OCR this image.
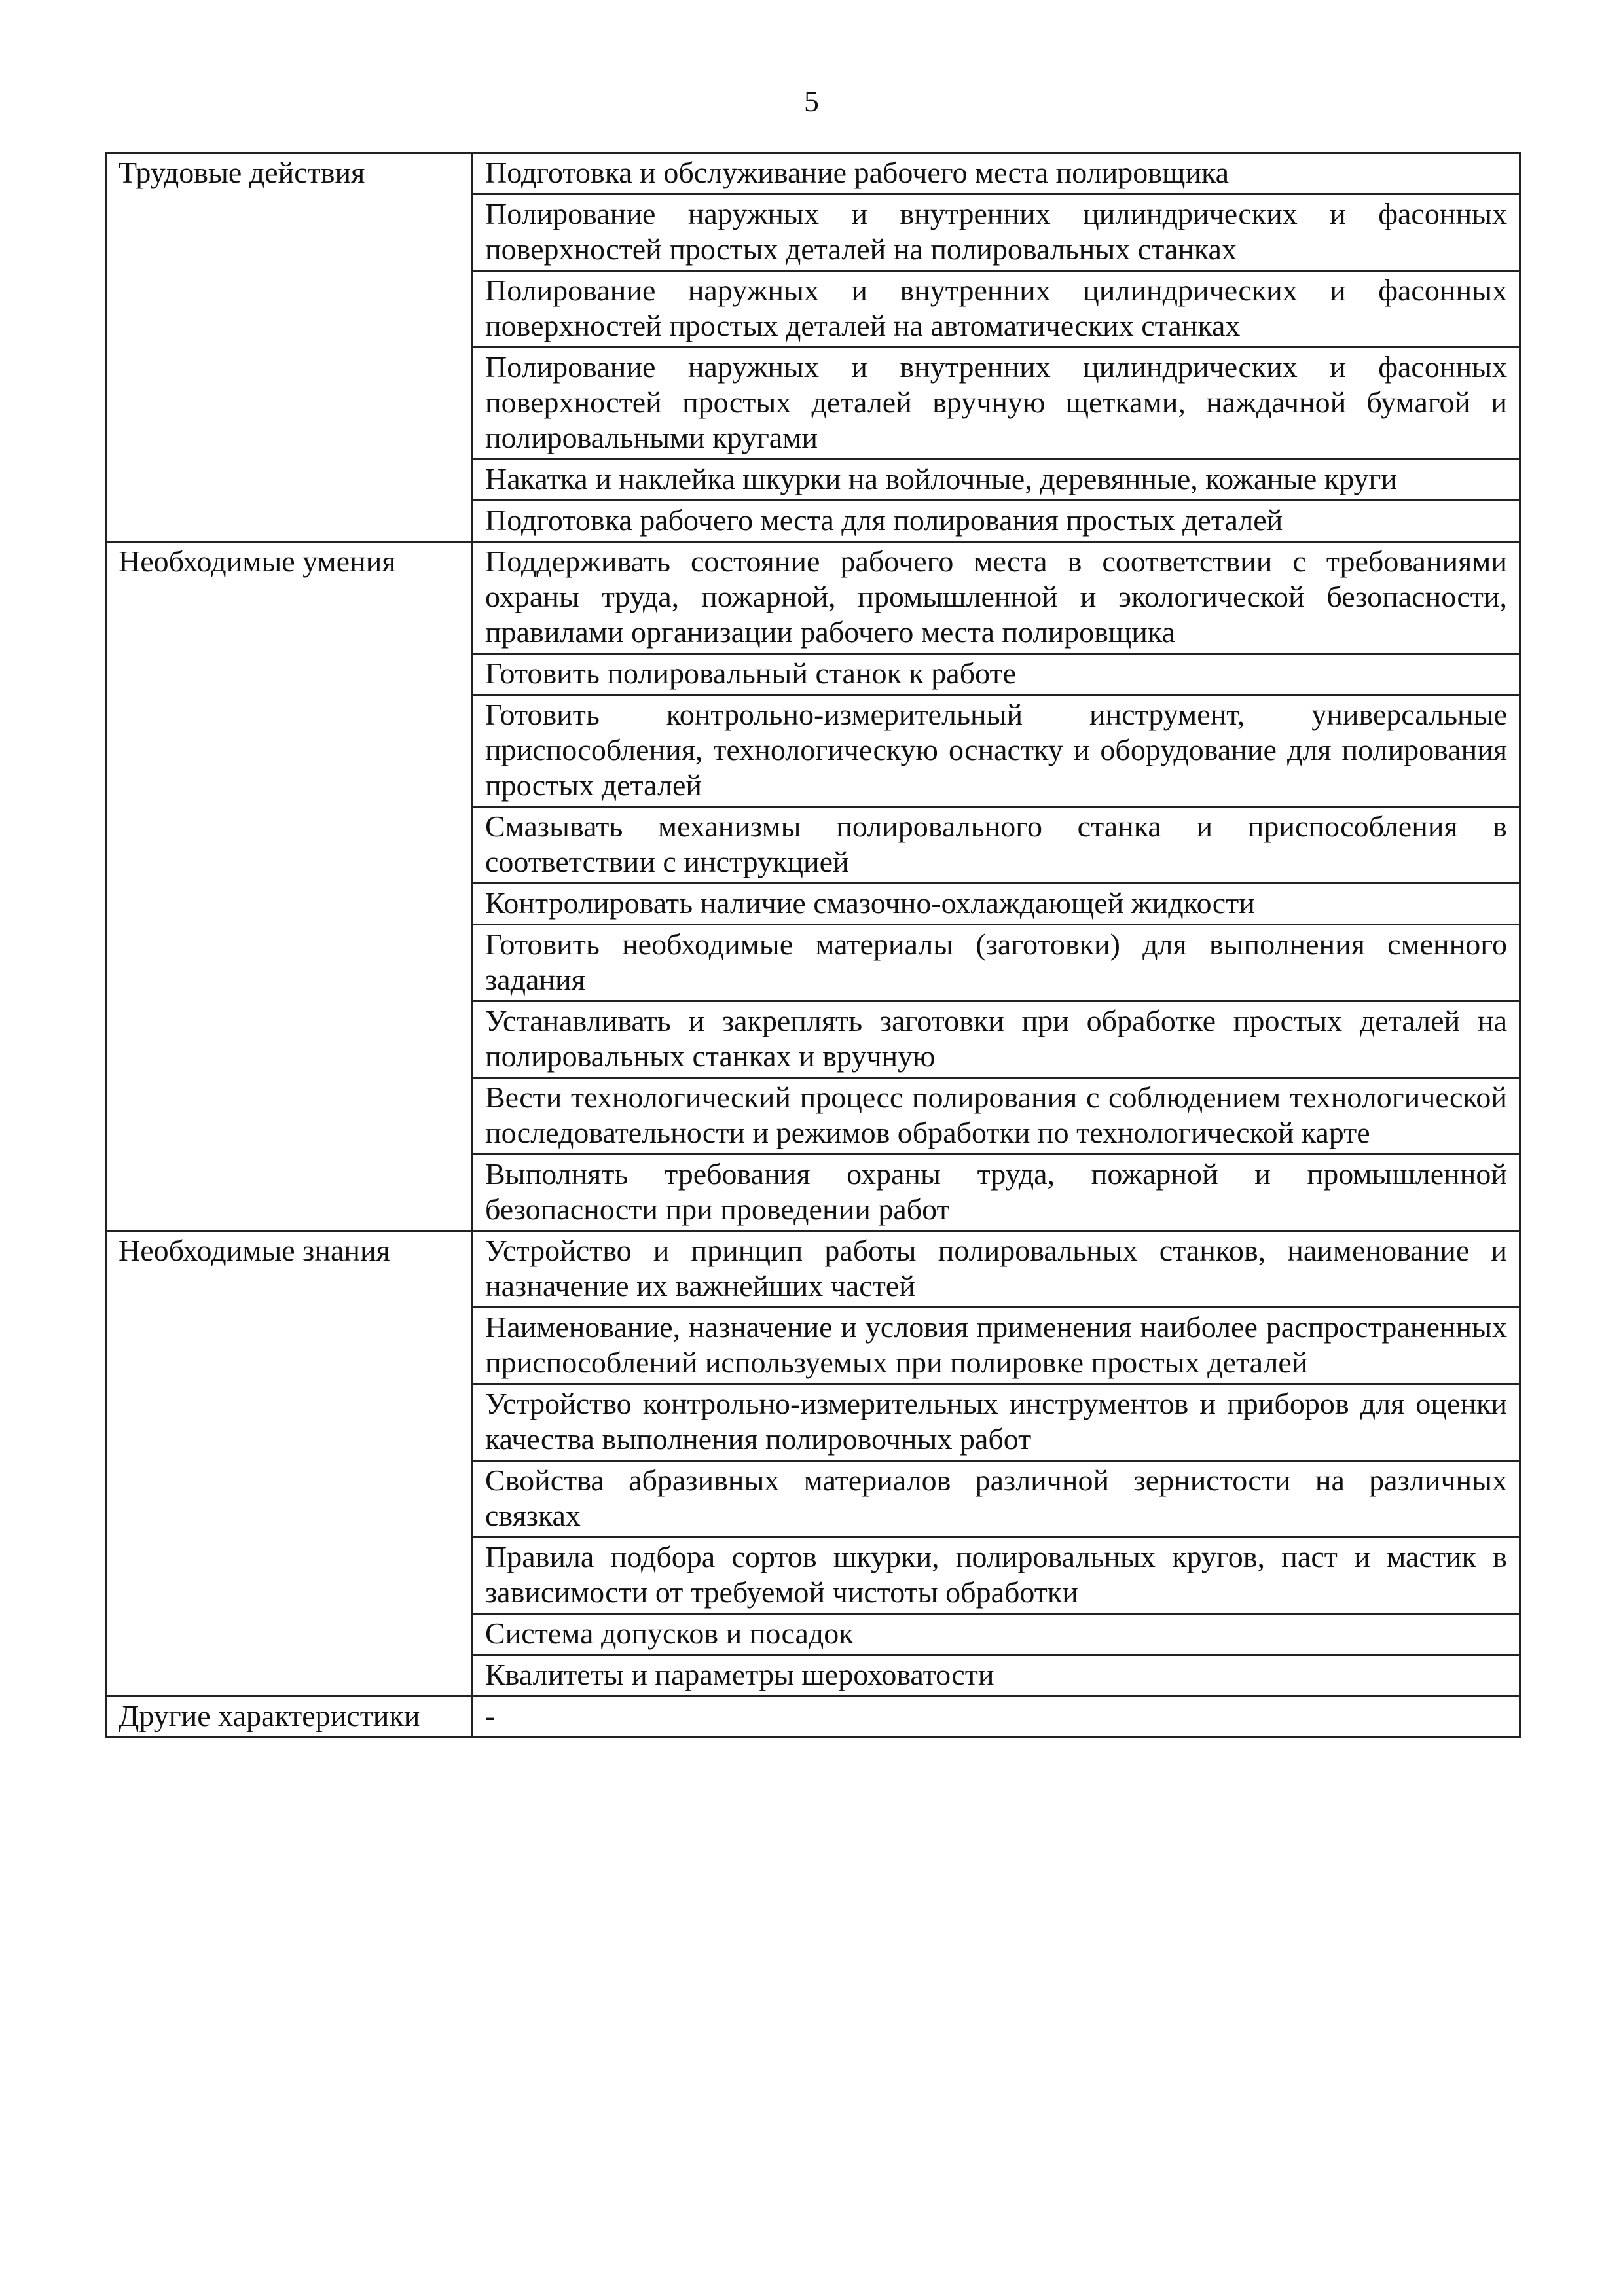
5
Трудовые действия	Подготовка и обслуживание рабочего места полировщика
	Полирование наружных и внутренних цилиндрических и фасонных поверхностей простых деталей на полировальных станках
	Полирование наружных и внутренних цилиндрических и фасонных поверхностей простых деталей на автоматических станках
	Полирование наружных и внутренних цилиндрических и фасонных поверхностей простых деталей вручную щетками, наждачной бумагой и полировальными кругами
	Накатка и наклейка шкурки на войлочные, деревянные, кожаные круги
	Подготовка рабочего места для полирования простых деталей
Необходимые умения	Поддерживать состояние рабочего места в соответствии с требованиями охраны труда, пожарной, промышленной и экологической безопасности, правилами организации рабочего места полировщика
	Готовить полировальный станок к работе
	Готовить контрольно-измерительный инструмент, универсальные приспособления, технологическую оснастку и оборудование для полирования простых деталей
	Смазывать механизмы полировального станка и приспособления в соответствии с инструкцией
	Контролировать наличие смазочно-охлаждающей жидкости
	Готовить необходимые материалы (заготовки) для выполнения сменного задания
	Устанавливать и закреплять заготовки при обработке простых деталей на полировальных станках и вручную
	Вести технологический процесс полирования с соблюдением технологической последовательности и режимов обработки по технологической карте
	Выполнять требования охраны труда, пожарной и промышленной безопасности при проведении работ
Необходимые знания	Устройство и принцип работы полировальных станков, наименование и назначение их важнейших частей
	Наименование, назначение и условия применения наиболее распространенных приспособлений используемых при полировке простых деталей
	Устройство контрольно-измерительных инструментов и приборов для оценки качества выполнения полировочных работ
	Свойства абразивных материалов различной зернистости на различных связках
	Правила подбора сортов шкурки, полировальных кругов, паст и мастик в зависимости от требуемой чистоты обработки
	Система допусков и посадок
	Квалитеты и параметры шероховатости
Другие характеристики	-
